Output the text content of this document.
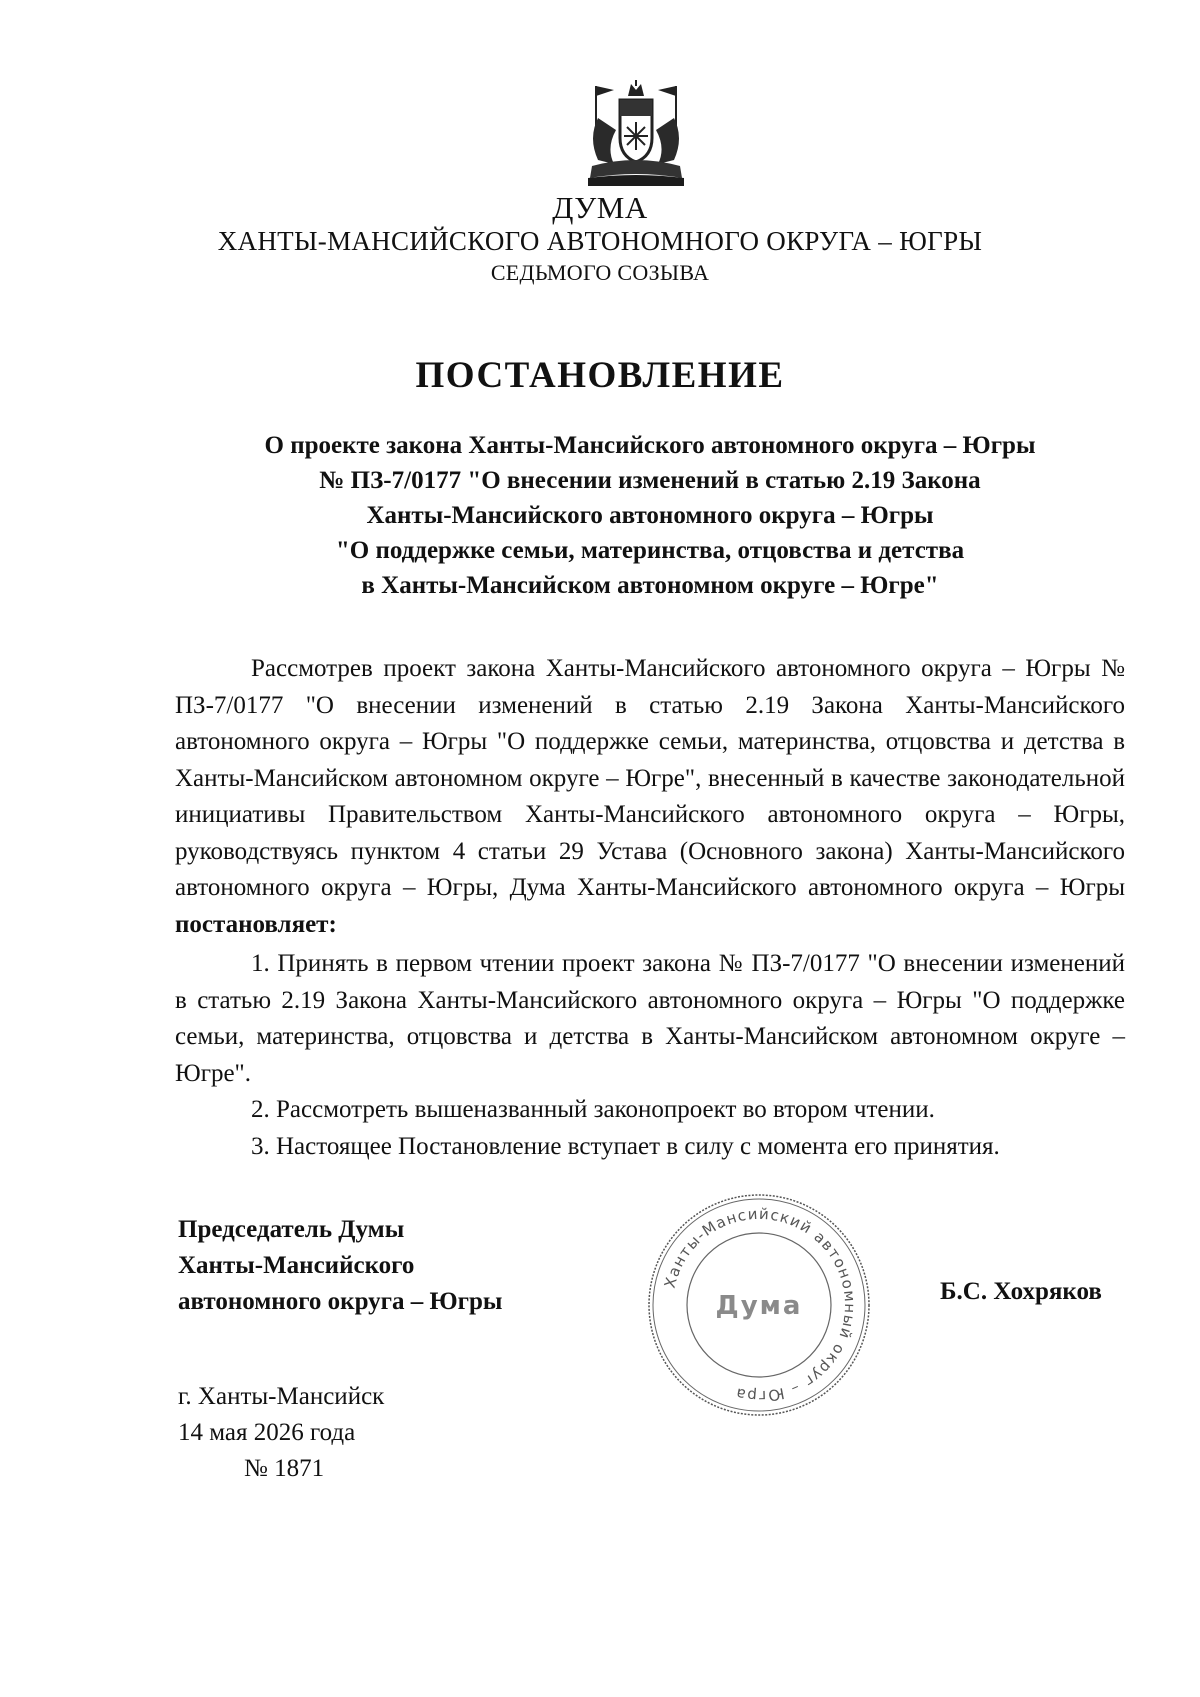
ДУМА
ХАНТЫ-МАНСИЙСКОГО АВТОНОМНОГО ОКРУГА – ЮГРЫ
СЕДЬМОГО СОЗЫВА
ПОСТАНОВЛЕНИЕ
О проекте закона Ханты-Мансийского автономного округа – Югры
№ ПЗ-7/0177 "О внесении изменений в статью 2.19 Закона
Ханты-Мансийского автономного округа – Югры
"О поддержке семьи, материнства, отцовства и детства
в Ханты-Мансийском автономном округе – Югре"
Рассмотрев проект закона Ханты-Мансийского автономного округа – Югры № ПЗ-7/0177 "О внесении изменений в статью 2.19 Закона Ханты-Мансийского автономного округа – Югры "О поддержке семьи, материнства, отцовства и детства в Ханты-Мансийском автономном округе – Югре", внесенный в качестве законодательной инициативы Правительством Ханты-Мансийского автономного округа – Югры, руководствуясь пунктом 4 статьи 29 Устава (Основного закона) Ханты-Мансийского автономного округа – Югры, Дума Ханты-Мансийского автономного округа – Югры постановляет:

1. Принять в первом чтении проект закона № ПЗ-7/0177 "О внесении изменений в статью 2.19 Закона Ханты-Мансийского автономного округа – Югры "О поддержке семьи, материнства, отцовства и детства в Ханты-Мансийском автономном округе – Югре".

2. Рассмотреть вышеназванный законопроект во втором чтении.

3. Настоящее Постановление вступает в силу с момента его принятия.

Председатель Думы
Ханты-Мансийского
автономного округа – Югры
Ханты-Мансийский автономный округ – Югра
Дума	Б.С. Хохряков
г. Ханты-Мансийск
14 мая 2026 года
№ 1871
